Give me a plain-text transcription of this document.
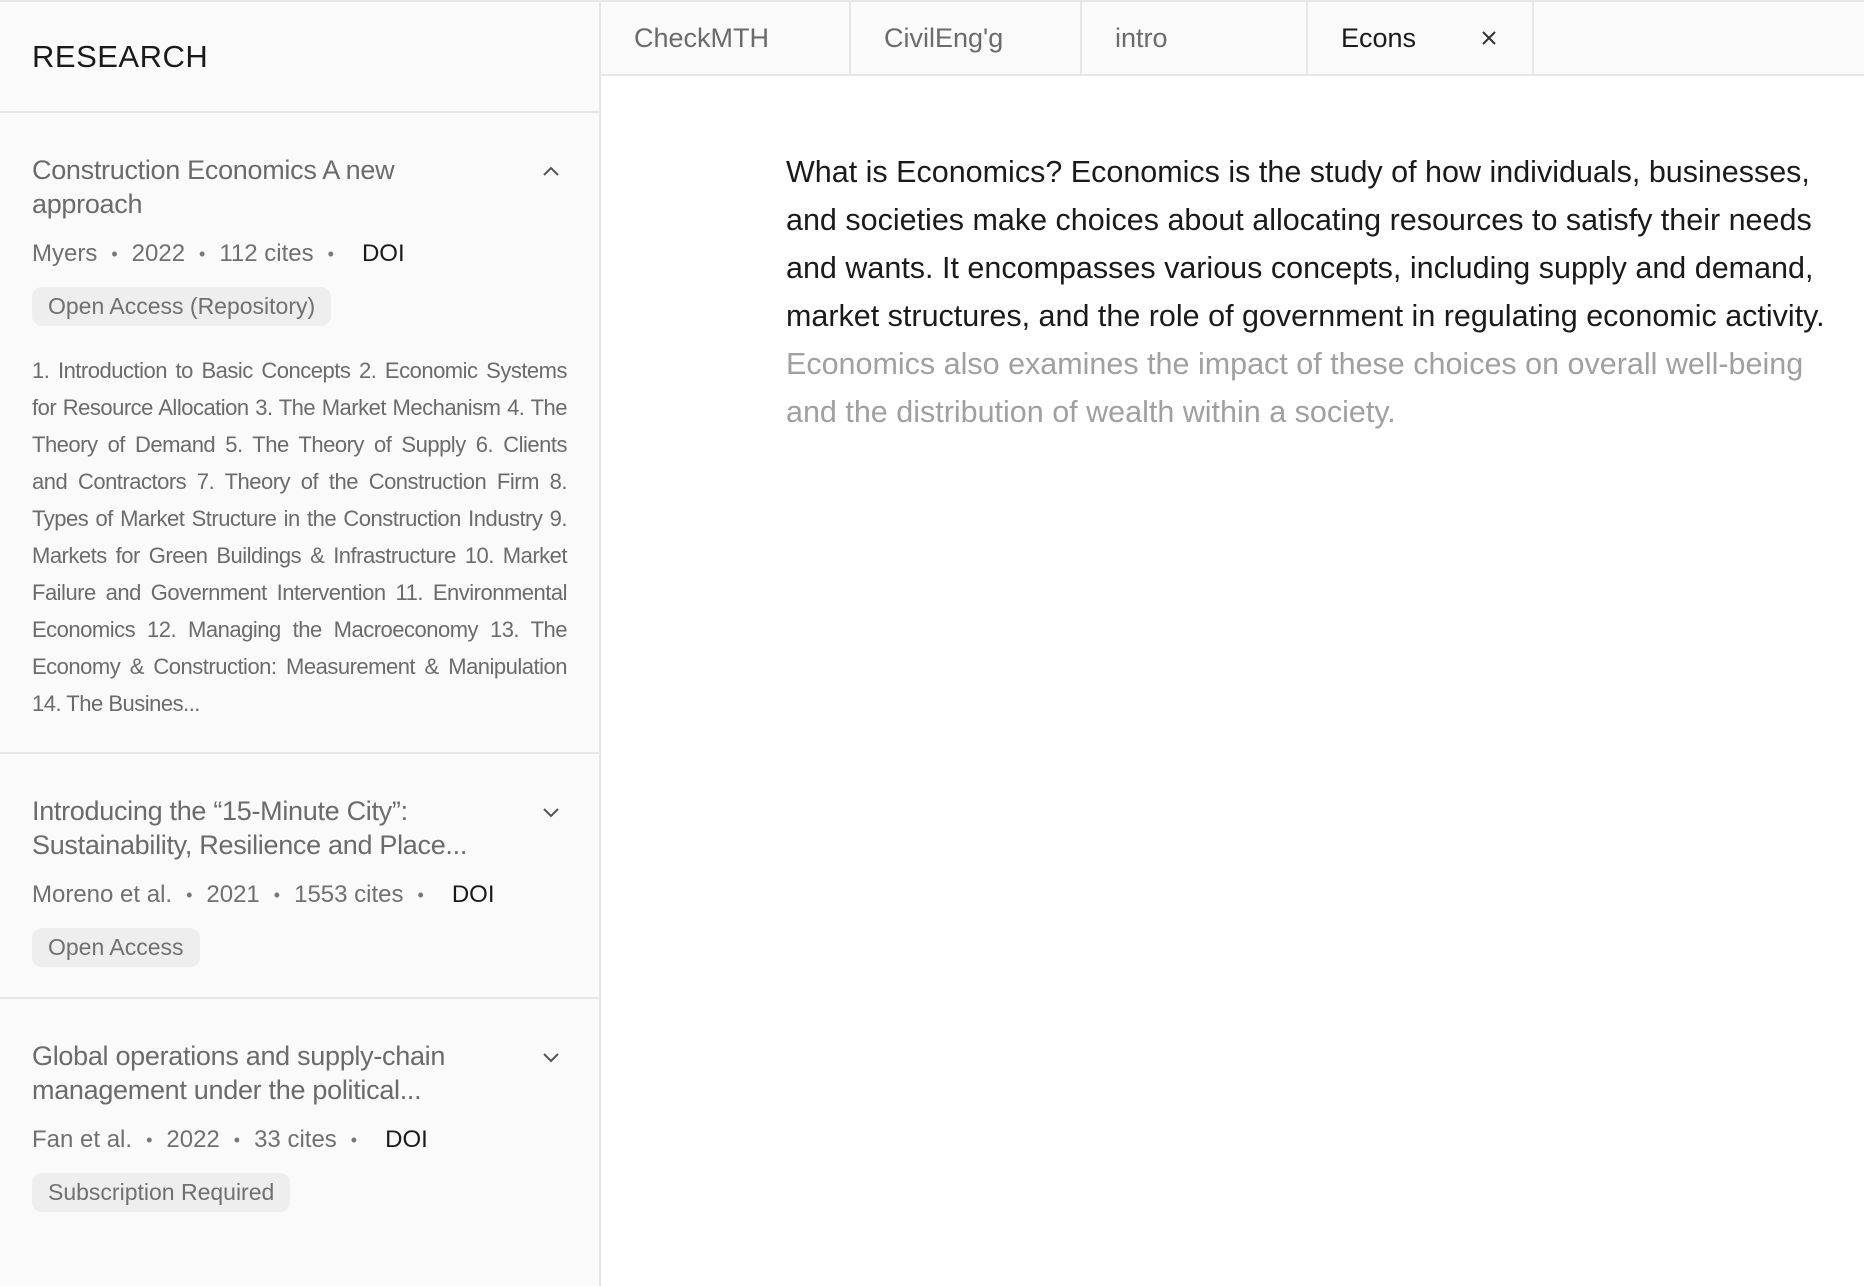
RESEARCH
Construction Economics A new approach
Myers • 2022 • 112 cites • DOI
Open Access (Repository)
1. Introduction to Basic Concepts 2. Economic Systems for Resource Allocation 3. The Market Mechanism 4. The Theory of Demand 5. The Theory of Supply 6. Clients and Contractors 7. Theory of the Construction Firm 8. Types of Market Structure in the Construction Industry 9. Markets for Green Buildings & Infrastructure 10. Market Failure and Government Intervention 11. Environmental Economics 12. Managing the Macroeconomy 13. The Economy & Construction: Measurement & Manipulation 14. The Busines...
Introducing the “15-Minute City”: Sustainability, Resilience and Place...
Moreno et al. • 2021 • 1553 cites • DOI
Open Access
Global operations and supply-chain management under the political...
Fan et al. • 2022 • 33 cites • DOI
Subscription Required
CheckMTH	CivilEng'g	intro	Econs
What is Economics? Economics is the study of how individuals, businesses, and societies make choices about allocating resources to satisfy their needs and wants. It encompasses various concepts, including supply and demand, market structures, and the role of government in regulating economic activity. Economics also examines the impact of these choices on overall well-being and the distribution of wealth within a society.
